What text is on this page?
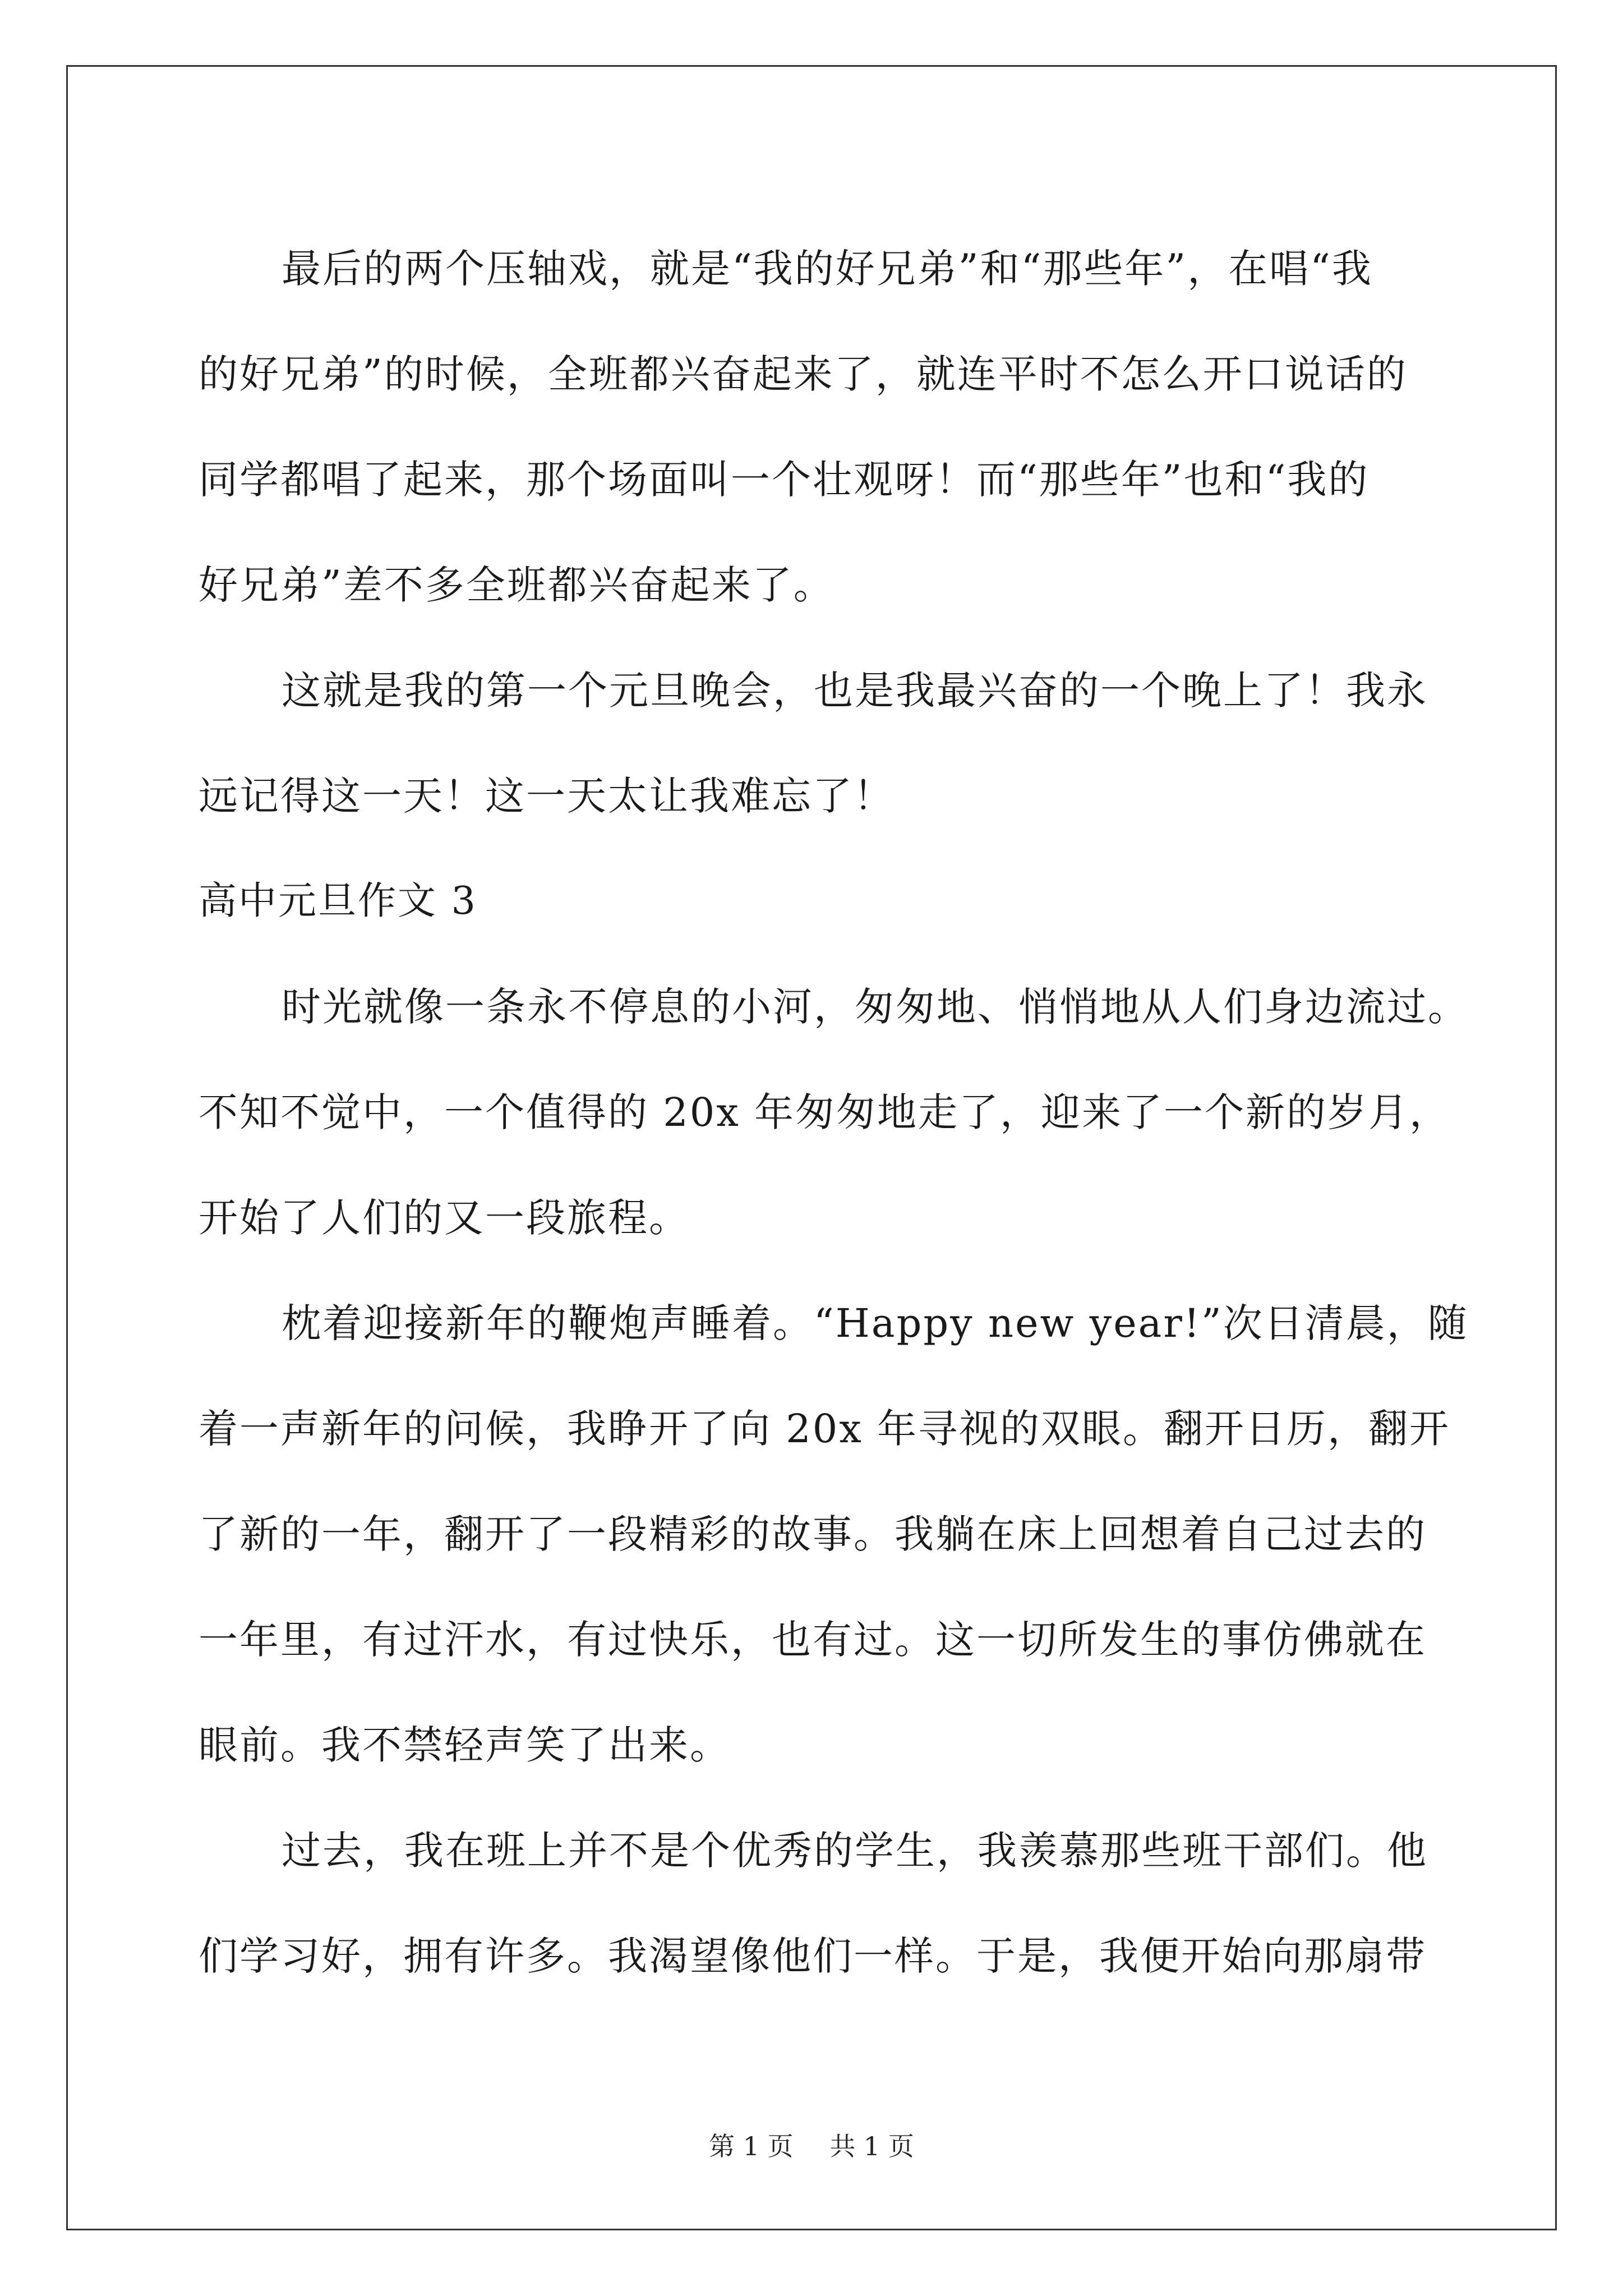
最后的两个压轴戏，就是“我的好兄弟”和“那些年”，在唱“我
的好兄弟”的时候，全班都兴奋起来了，就连平时不怎么开口说话的
同学都唱了起来，那个场面叫一个壮观呀！而“那些年”也和“我的
好兄弟”差不多全班都兴奋起来了。
这就是我的第一个元旦晚会，也是我最兴奋的一个晚上了！我永
远记得这一天！这一天太让我难忘了！
高中元旦作文 3
时光就像一条永不停息的小河，匆匆地、悄悄地从人们身边流过。
不知不觉中，一个值得的 20x 年匆匆地走了，迎来了一个新的岁月，
开始了人们的又一段旅程。
枕着迎接新年的鞭炮声睡着。“Happy new year!”次日清晨，随
着一声新年的问候，我睁开了向 20x 年寻视的双眼。翻开日历，翻开
了新的一年，翻开了一段精彩的故事。我躺在床上回想着自己过去的
一年里，有过汗水，有过快乐，也有过。这一切所发生的事仿佛就在
眼前。我不禁轻声笑了出来。
过去，我在班上并不是个优秀的学生，我羡慕那些班干部们。他
们学习好，拥有许多。我渴望像他们一样。于是，我便开始向那扇带
第 1 页 共 1 页
